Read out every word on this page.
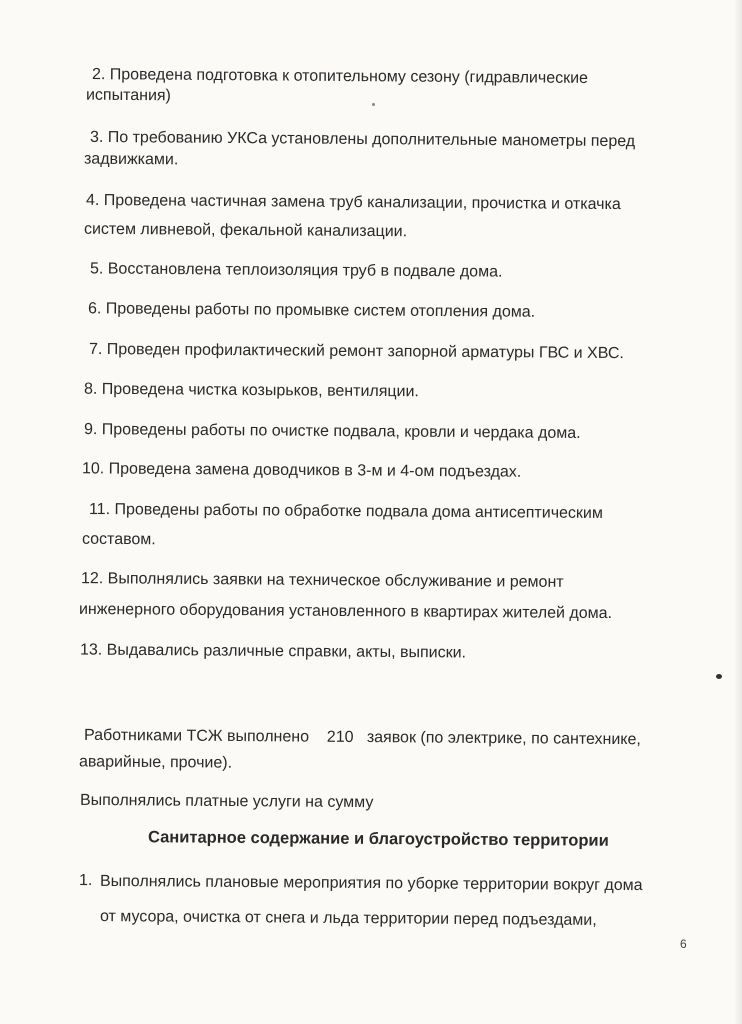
2. Проведена подготовка к отопительному сезону (гидравлические
испытания)
3. По требованию УКСа установлены дополнительные манометры перед
задвижками.
4. Проведена частичная замена труб канализации, прочистка и откачка
систем ливневой, фекальной канализации.
5. Восстановлена теплоизоляция труб в подвале дома.
6. Проведены работы по промывке систем отопления дома.
7. Проведен профилактический ремонт запорной арматуры ГВС и ХВС.
8. Проведена чистка козырьков, вентиляции.
9. Проведены работы по очистке подвала, кровли и чердака дома.
10. Проведена замена доводчиков в 3-м и 4-ом подъездах.
11. Проведены работы по обработке подвала дома антисептическим
составом.
12. Выполнялись заявки на техническое обслуживание и ремонт
инженерного оборудования установленного в квартирах жителей дома.
13. Выдавались различные справки, акты, выписки.
Работниками ТСЖ выполнено    210   заявок (по электрике, по сантехнике,
аварийные, прочие).
Выполнялись платные услуги на сумму
Санитарное содержание и благоустройство территории
1. Выполнялись плановые мероприятия по уборке территории вокруг дома
от мусора, очистка от снега и льда территории перед подъездами,
6
